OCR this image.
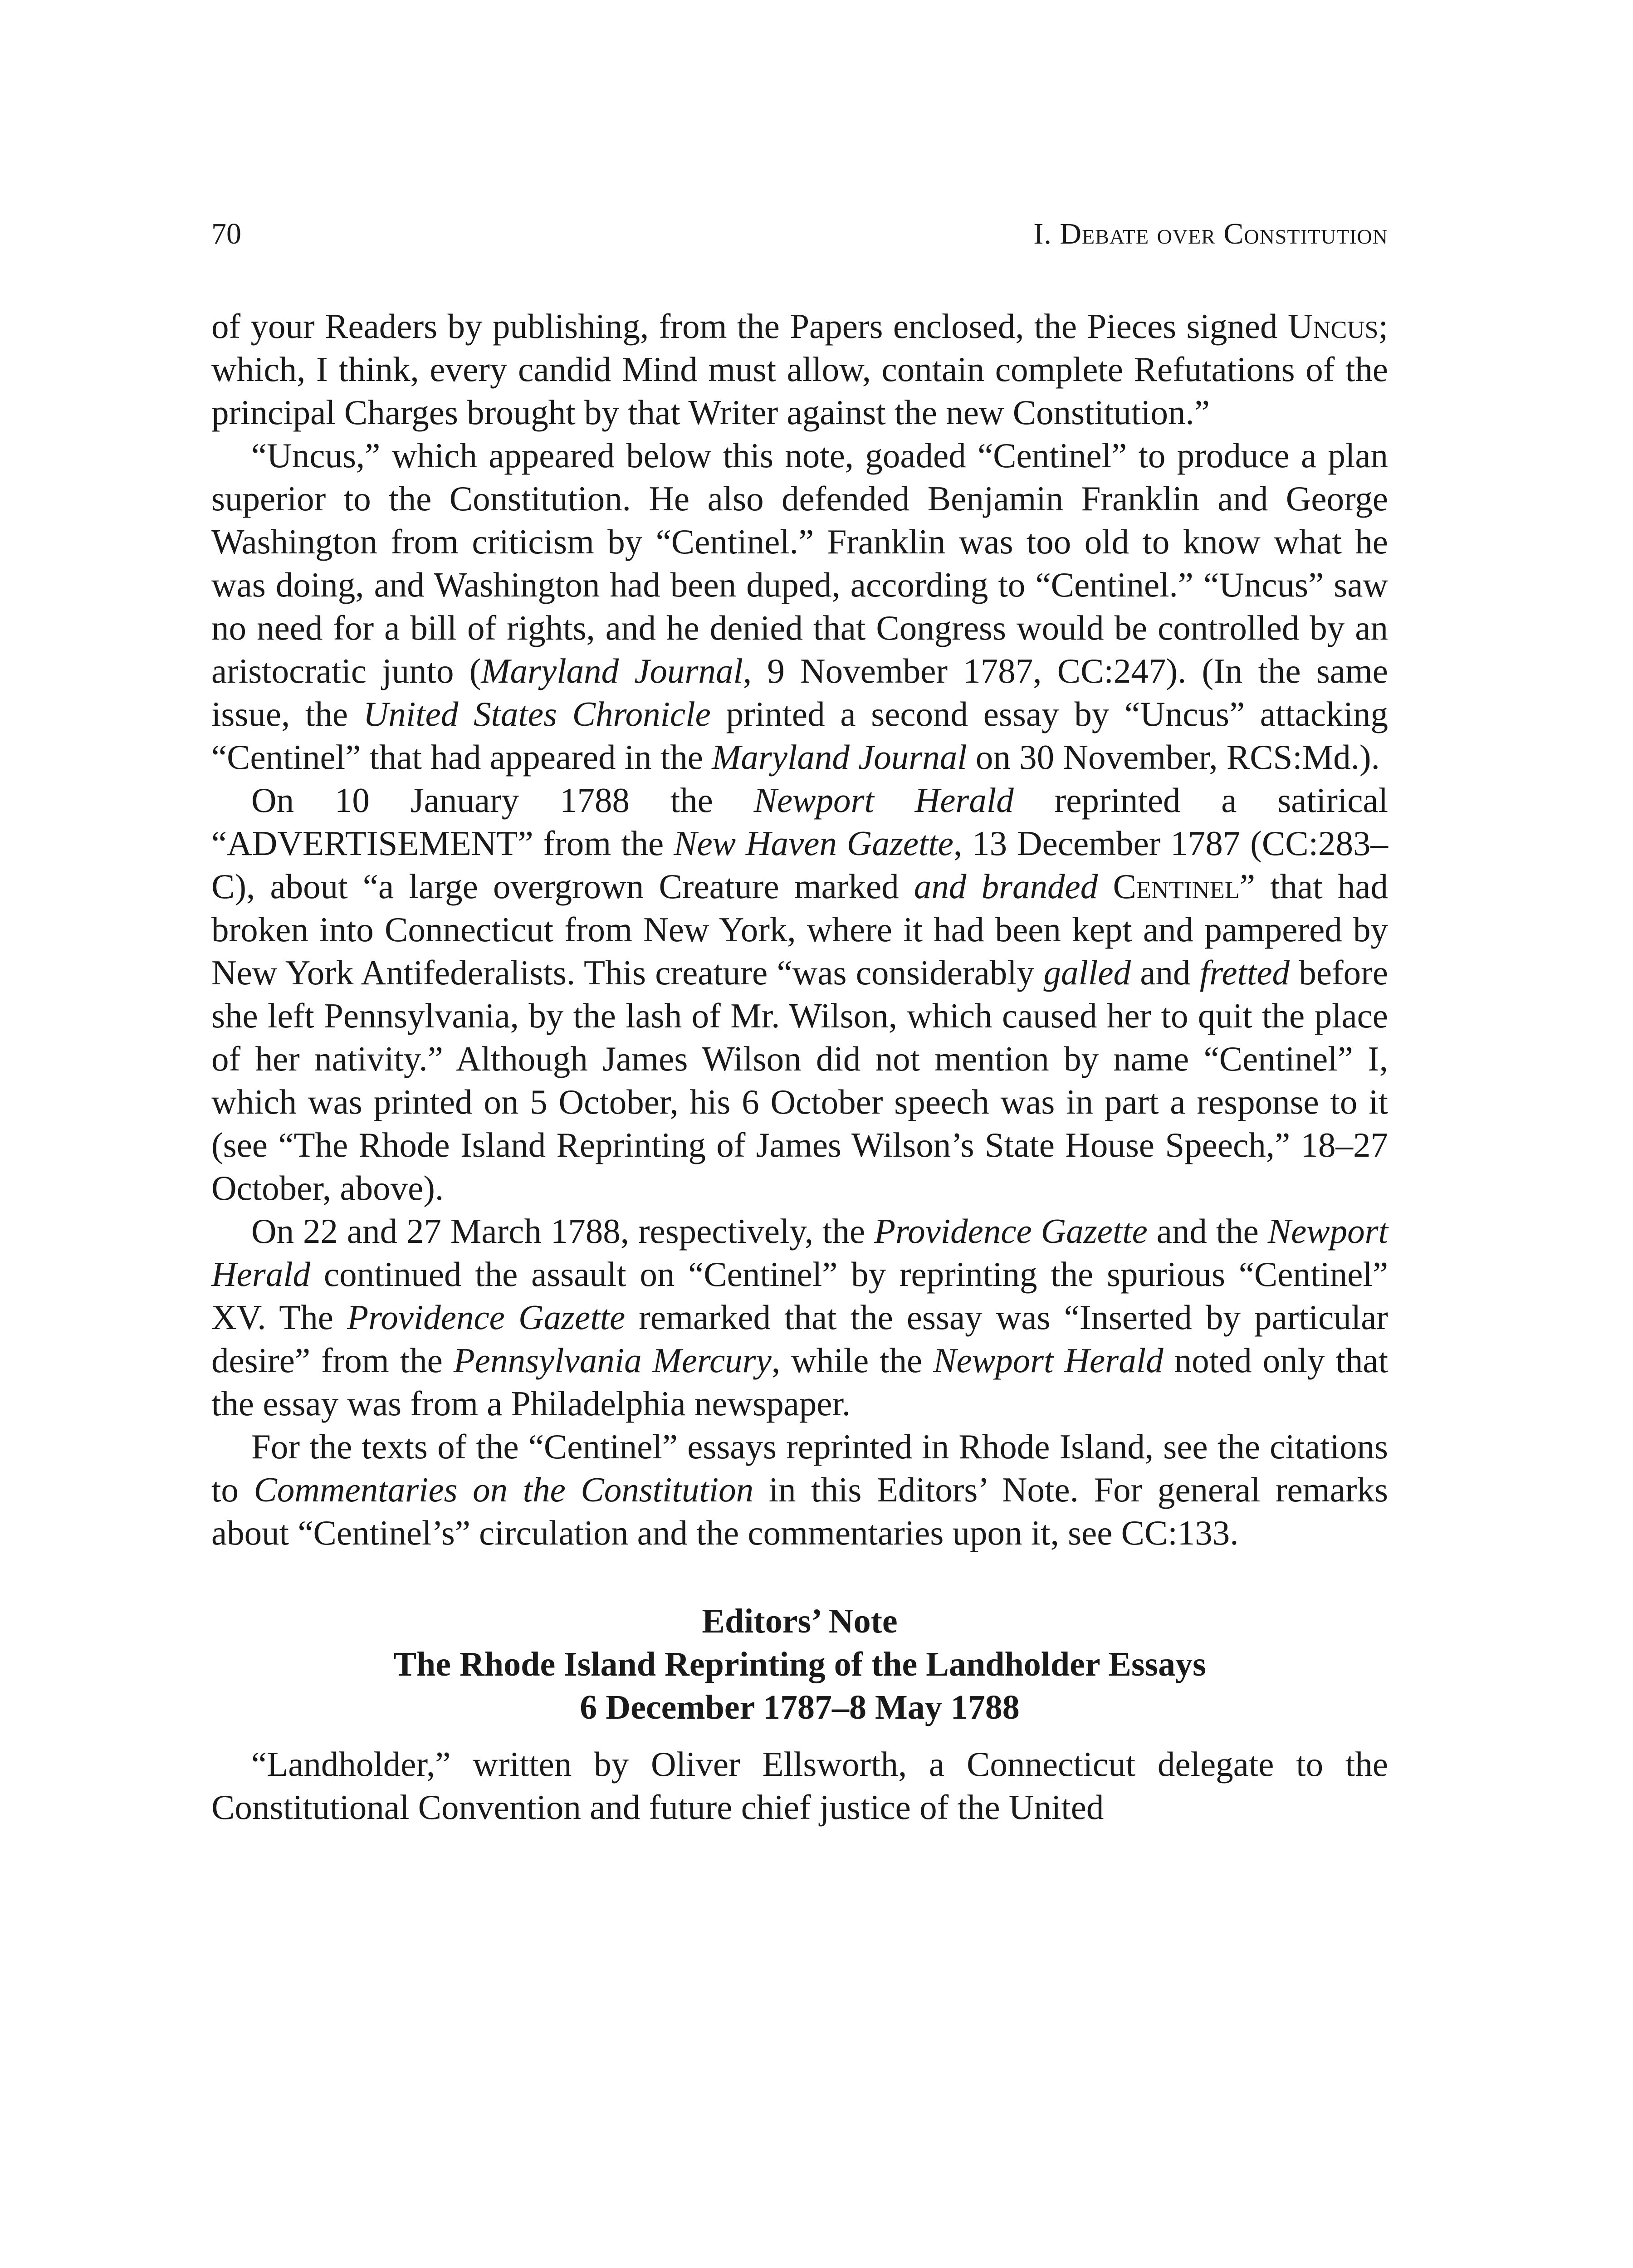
70	I. Debate over Constitution

of your Readers by publishing, from the Papers enclosed, the Pieces signed Uncus; which, I think, every candid Mind must allow, contain complete Refutations of the principal Charges brought by that Writer against the new Constitution.”

“Uncus,” which appeared below this note, goaded “Centinel” to produce a plan superior to the Constitution. He also defended Benjamin Franklin and George Washington from criticism by “Centinel.” Franklin was too old to know what he was doing, and Washington had been duped, according to “Centinel.” “Uncus” saw no need for a bill of rights, and he denied that Congress would be controlled by an aristocratic junto (Maryland Journal, 9 November 1787, CC:247). (In the same issue, the United States Chronicle printed a second essay by “Uncus” attacking “Centinel” that had appeared in the Maryland Journal on 30 November, RCS:Md.).

On 10 January 1788 the Newport Herald reprinted a satirical “ADVERTISEMENT” from the New Haven Gazette, 13 December 1787 (CC:283–C), about “a large overgrown Creature marked and branded Centinel” that had broken into Connecticut from New York, where it had been kept and pampered by New York Antifederalists. This creature “was considerably galled and fretted before she left Pennsylvania, by the lash of Mr. Wilson, which caused her to quit the place of her nativity.” Although James Wilson did not mention by name “Centinel” I, which was printed on 5 October, his 6 October speech was in part a response to it (see “The Rhode Island Reprinting of James Wilson’s State House Speech,” 18–27 October, above).

On 22 and 27 March 1788, respectively, the Providence Gazette and the Newport Herald continued the assault on “Centinel” by reprinting the spurious “Centinel” XV. The Providence Gazette remarked that the essay was “Inserted by particular desire” from the Pennsylvania Mercury, while the Newport Herald noted only that the essay was from a Philadelphia newspaper.

For the texts of the “Centinel” essays reprinted in Rhode Island, see the citations to Commentaries on the Constitution in this Editors’ Note. For general remarks about “Centinel’s” circulation and the commentaries upon it, see CC:133.

Editors’ Note
The Rhode Island Reprinting of the Landholder Essays
6 December 1787–8 May 1788

“Landholder,” written by Oliver Ellsworth, a Connecticut delegate to the Constitutional Convention and future chief justice of the United
